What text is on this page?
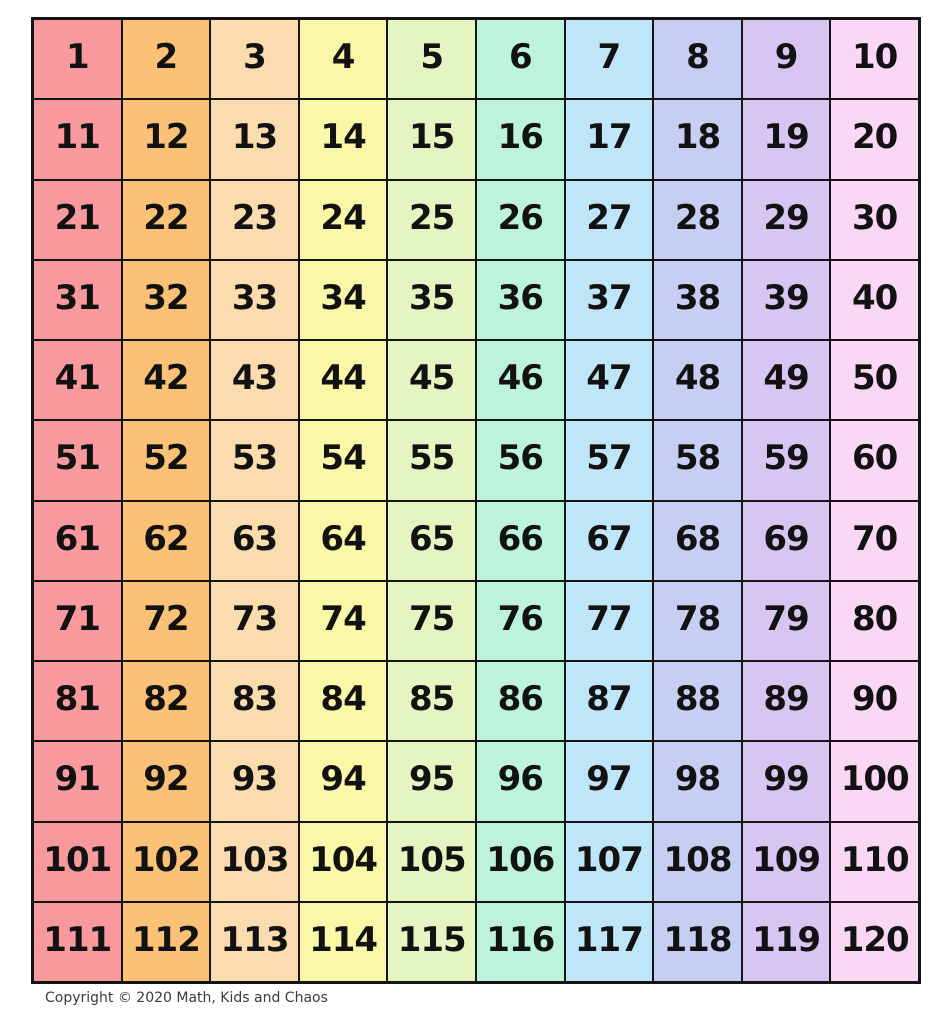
1	2	3	4	5	6	7	8	9	10
11	12	13	14	15	16	17	18	19	20
21	22	23	24	25	26	27	28	29	30
31	32	33	34	35	36	37	38	39	40
41	42	43	44	45	46	47	48	49	50
51	52	53	54	55	56	57	58	59	60
61	62	63	64	65	66	67	68	69	70
71	72	73	74	75	76	77	78	79	80
81	82	83	84	85	86	87	88	89	90
91	92	93	94	95	96	97	98	99 100
101 102 103 104 105 106 107 108 109 110
111 112 113 114 115 116 117 118 119 120
Copyright © 2020 Math, Kids and Chaos
